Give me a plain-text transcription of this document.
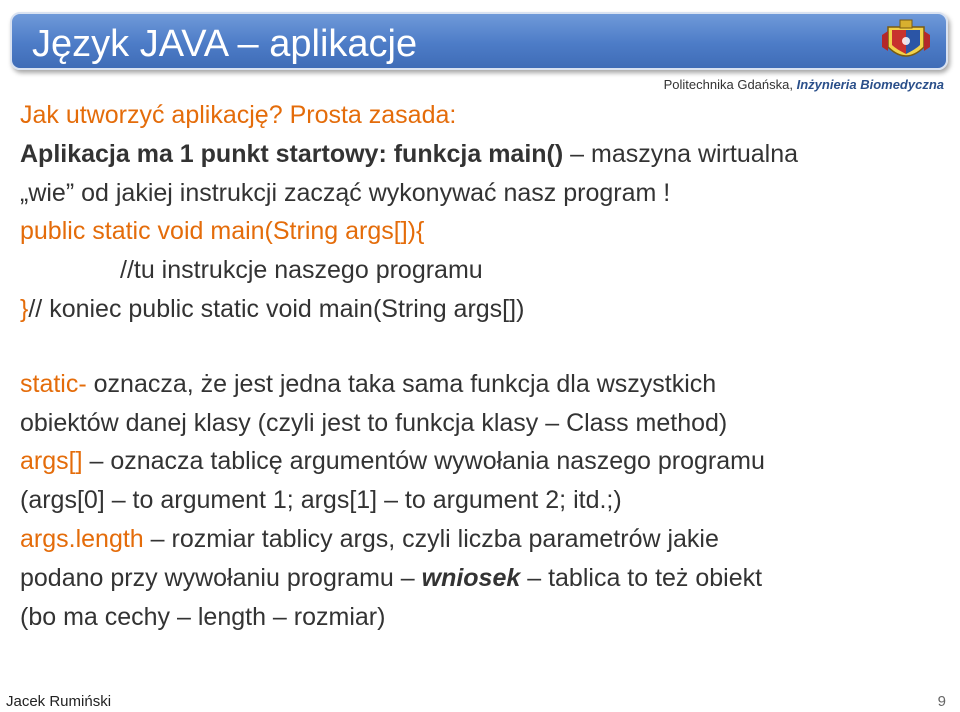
Język JAVA – aplikacje
Politechnika Gdańska, Inżynieria Biomedyczna
Jak utworzyć aplikację? Prosta zasada:
Aplikacja ma 1 punkt startowy: funkcja main() – maszyna wirtualna
„wie” od jakiej instrukcji zacząć wykonywać nasz program !
public static void main(String args[]){
//tu instrukcje naszego programu
}// koniec public static void main(String args[])
static- oznacza, że jest jedna taka sama funkcja dla wszystkich
obiektów danej klasy (czyli jest to funkcja klasy – Class method)
args[] – oznacza tablicę argumentów wywołania naszego programu
(args[0] – to argument 1; args[1] – to argument 2; itd.;)
args.length – rozmiar tablicy args, czyli liczba parametrów jakie
podano przy wywołaniu programu – wniosek – tablica to też obiekt
(bo ma cechy – length – rozmiar)
Jacek Rumiński	9
